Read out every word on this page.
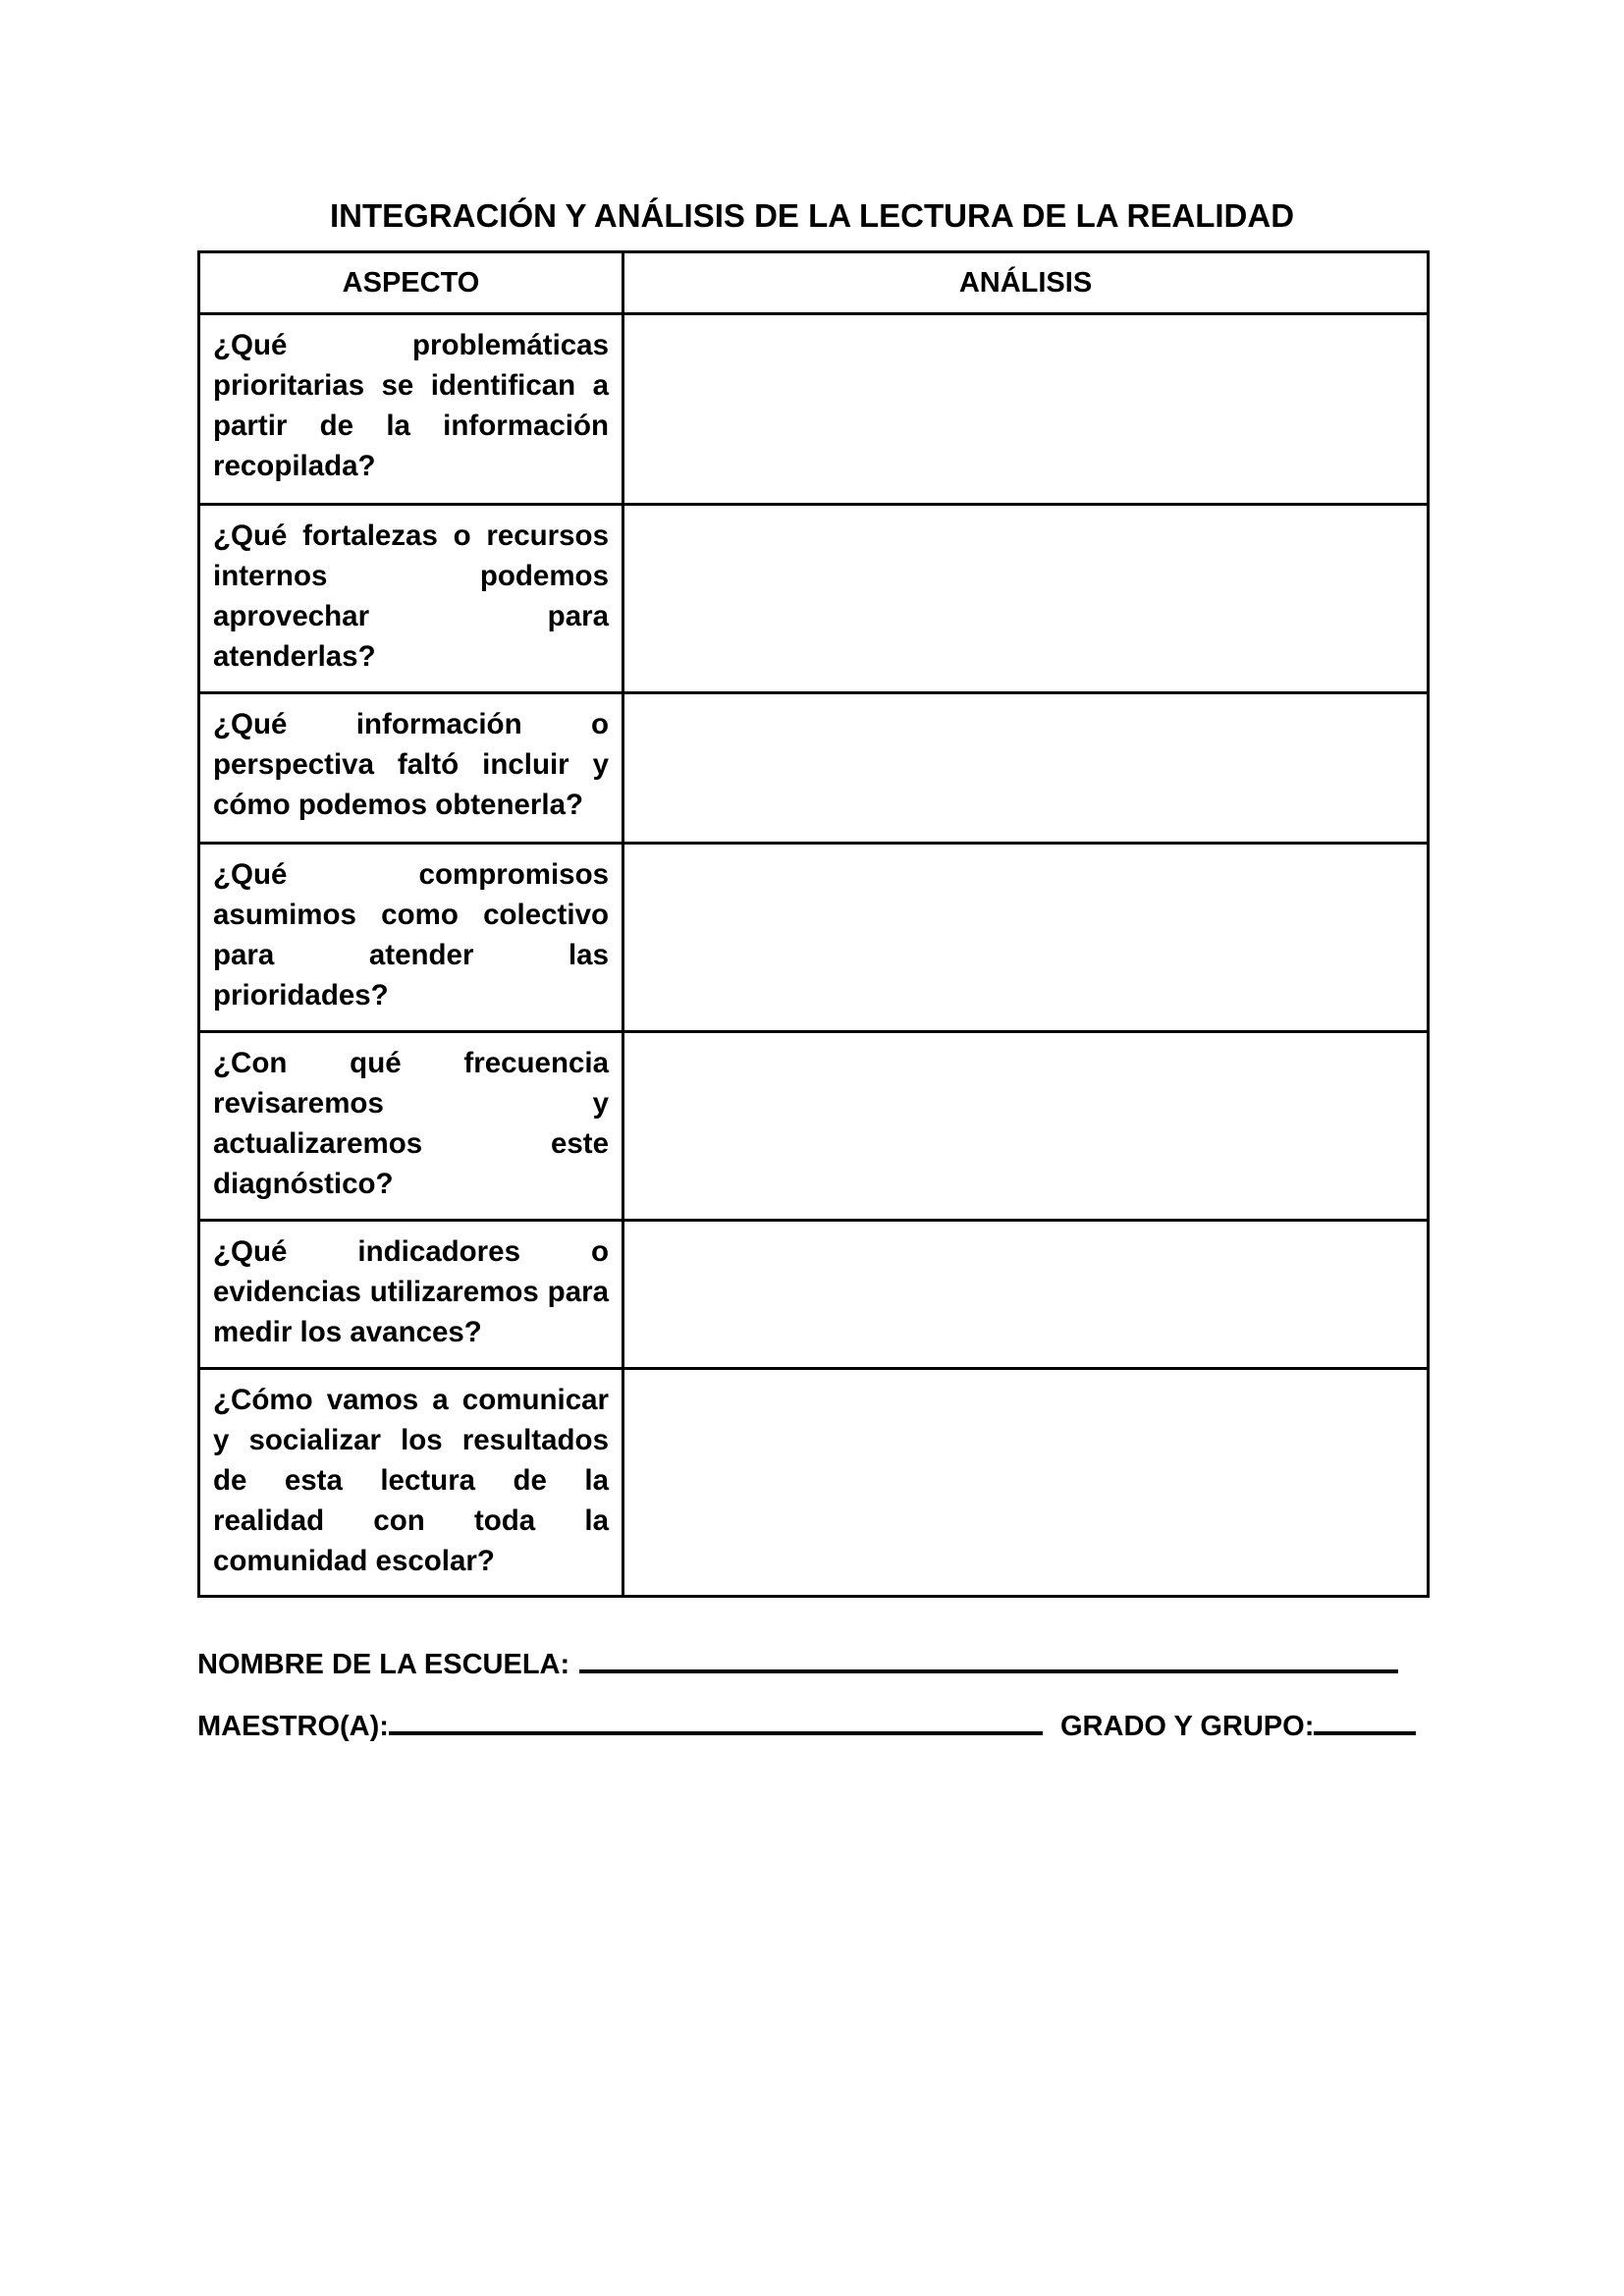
INTEGRACIÓN Y ANÁLISIS DE LA LECTURA DE LA REALIDAD
ASPECTO	ANÁLISIS
¿Qué problemáticas prioritarias se identifican a partir de la información recopilada?	
¿Qué fortalezas o recursos internos podemos aprovechar para atenderlas?	
¿Qué información o perspectiva faltó incluir y cómo podemos obtenerla?	
¿Qué compromisos asumimos como colectivo para atender las prioridades?	
¿Con qué frecuencia revisaremos y actualizaremos este diagnóstico?	
¿Qué indicadores o evidencias utilizaremos para medir los avances?	
¿Cómo vamos a comunicar y socializar los resultados de esta lectura de la realidad con toda la comunidad escolar?	
NOMBRE DE LA ESCUELA:
MAESTRO(A):	GRADO Y GRUPO:
